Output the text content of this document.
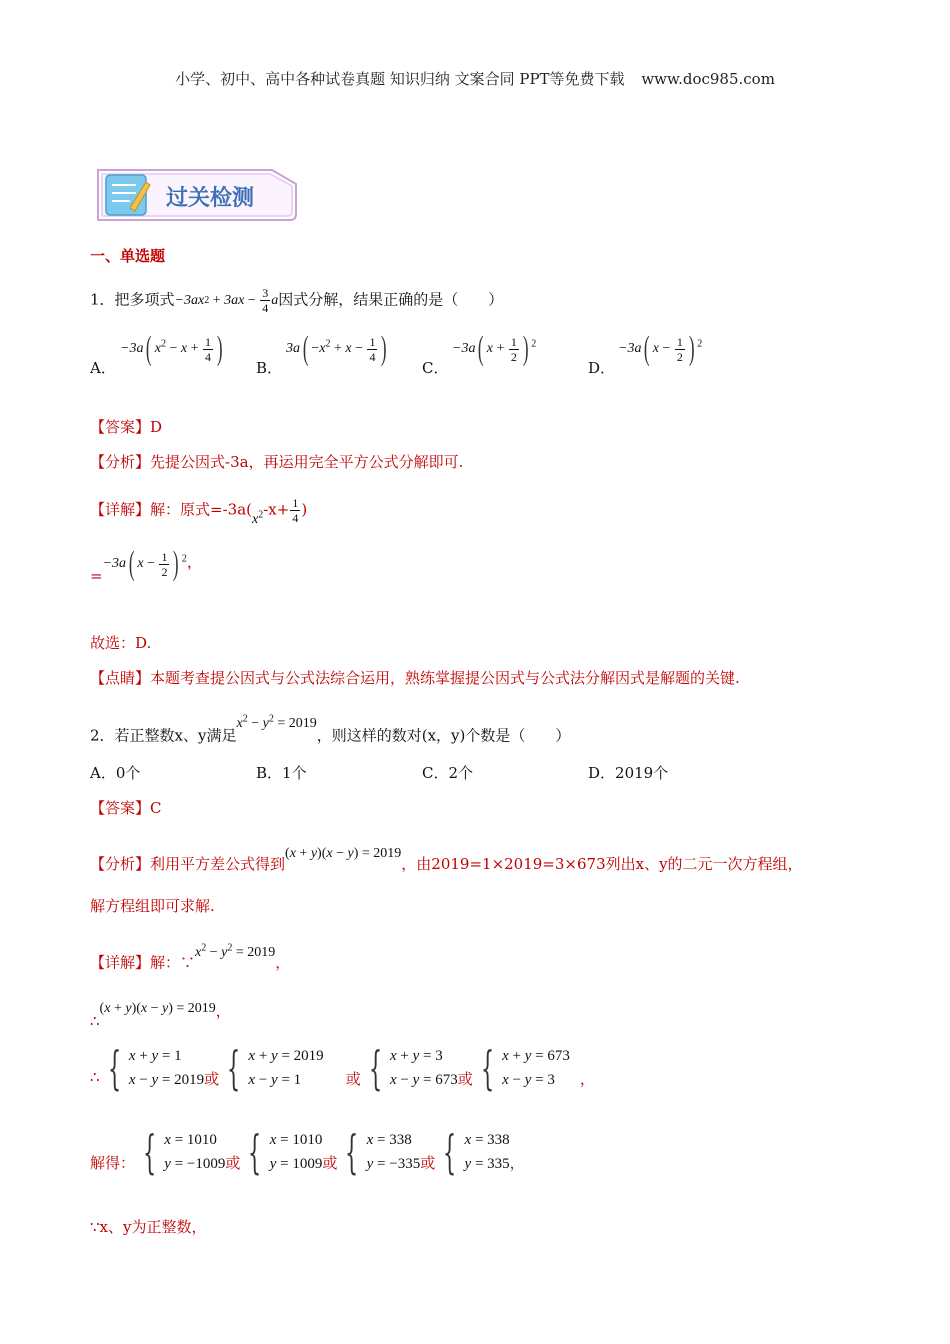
小学、初中、高中各种试卷真题 知识归纳 文案合同 PPT等免费下载 www.doc985.com
过关检测
一、单选题
1．把多项式 −3ax $2 + 3ax - \frac{3}{4}$ a 因式分解，结果正确的是（　　）
A．
−3a( $x^2 - x + \frac{1}{4}$ )
B．
$3a( -x^2 + x - \frac{1}{4}$ )
C．
−3a( $x + \frac{1}{2}$ ) $^2$
D．
−3a( $x - \frac{1}{2}$ ) $^2$
【答案】D
【分析】先提公因式-3a，再运用完全平方公式分解即可.
【详解】解：原式$=-3a(x^2-x+ \frac{1}{4}$ )
=−3a( $x - \frac{1}{2}$ ) $^2$，
故选：D.
【点睛】本题考查提公因式与公式法综合运用，熟练掌握提公因式与公式法分解因式是解题的关键.
2．若正整数x、y满足$x^2 - y^2 = 2019$，则这样的数对(x，y)个数是（　　）
A．0个	B．1个	C．2个	D．2019个
【答案】C
【分析】利用平方差公式得到(x + y)(x − y) = 2019，由2019=1×2019=3×673列出x、y的二元一次方程组，
解方程组即可求解.
【详解】解：$\because x^2 - y^2 = 2019$，
∴(x + y)(x − y) = 2019，
∴ { x + y = 1
x − y = 2019或 { x + y = 2019
x − y = 1	或 { x + y = 3
x − y = 673或 { x + y = 673
x − y = 3 ，
解得： { x = 1010
y = −1009或 { x = 1010
y = 1009或 { x = 338
y = −335或 { x = 338
y = 335，
∵x、y为正整数，
